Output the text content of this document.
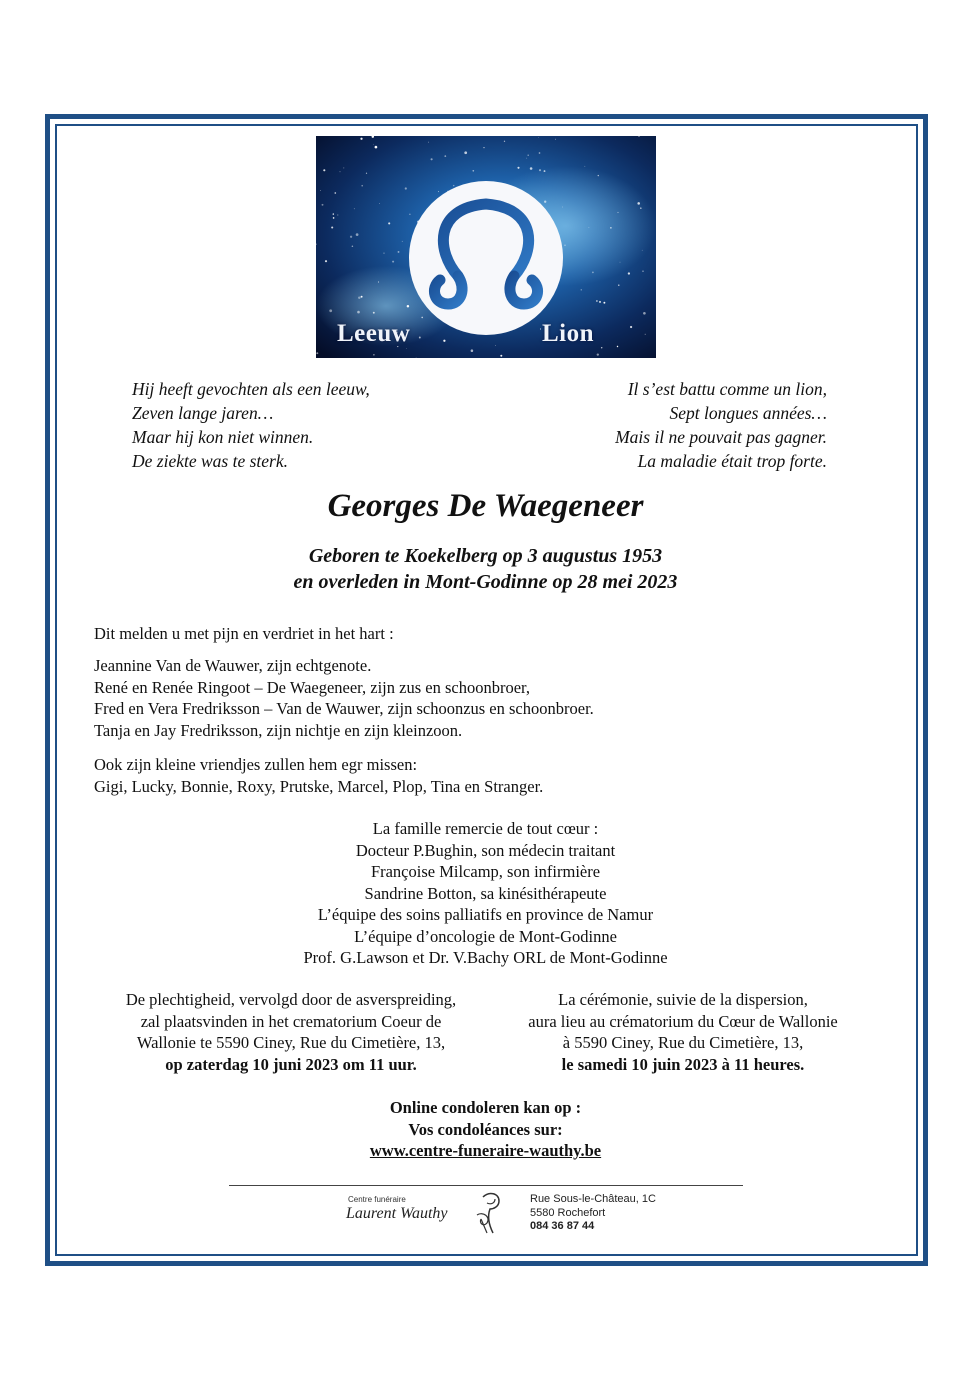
Leeuw	Lion
Hij heeft gevochten als een leeuw,
Zeven lange jaren…
Maar hij kon niet winnen.
De ziekte was te sterk.
Il s’est battu comme un lion,
Sept longues années…
Mais il ne pouvait pas gagner.
La maladie était trop forte.
Georges De Waegeneer
Geboren te Koekelberg op 3 augustus 1953
en overleden in Mont-Godinne op 28 mei 2023
Dit melden u met pijn en verdriet in het hart :
Jeannine Van de Wauwer, zijn echtgenote.
René en Renée Ringoot – De Waegeneer, zijn zus en schoonbroer,
Fred en Vera Fredriksson – Van de Wauwer, zijn schoonzus en schoonbroer.
Tanja en Jay Fredriksson, zijn nichtje en zijn kleinzoon.
Ook zijn kleine vriendjes zullen hem egr missen:
Gigi, Lucky, Bonnie, Roxy, Prutske, Marcel, Plop, Tina en Stranger.
La famille remercie de tout cœur :
Docteur P.Bughin, son médecin traitant
Françoise Milcamp, son infirmière
Sandrine Botton, sa kinésithérapeute
L’équipe des soins palliatifs en province de Namur
L’équipe d’oncologie de Mont-Godinne
Prof. G.Lawson et Dr. V.Bachy ORL de Mont-Godinne
De plechtigheid, vervolgd door de asverspreiding,
zal plaatsvinden in het crematorium Coeur de
Wallonie te 5590 Ciney, Rue du Cimetière, 13,
op zaterdag 10 juni 2023 om 11 uur.
La cérémonie, suivie de la dispersion,
aura lieu au crématorium du Cœur de Wallonie
à 5590 Ciney, Rue du Cimetière, 13,
le samedi 10 juin 2023 à 11 heures.
Online condoleren kan op :
Vos condoléances sur:
www.centre-funeraire-wauthy.be
Centre funéraire
Laurent Wauthy
Rue Sous-le-Château, 1C
5580 Rochefort
084 36 87 44
